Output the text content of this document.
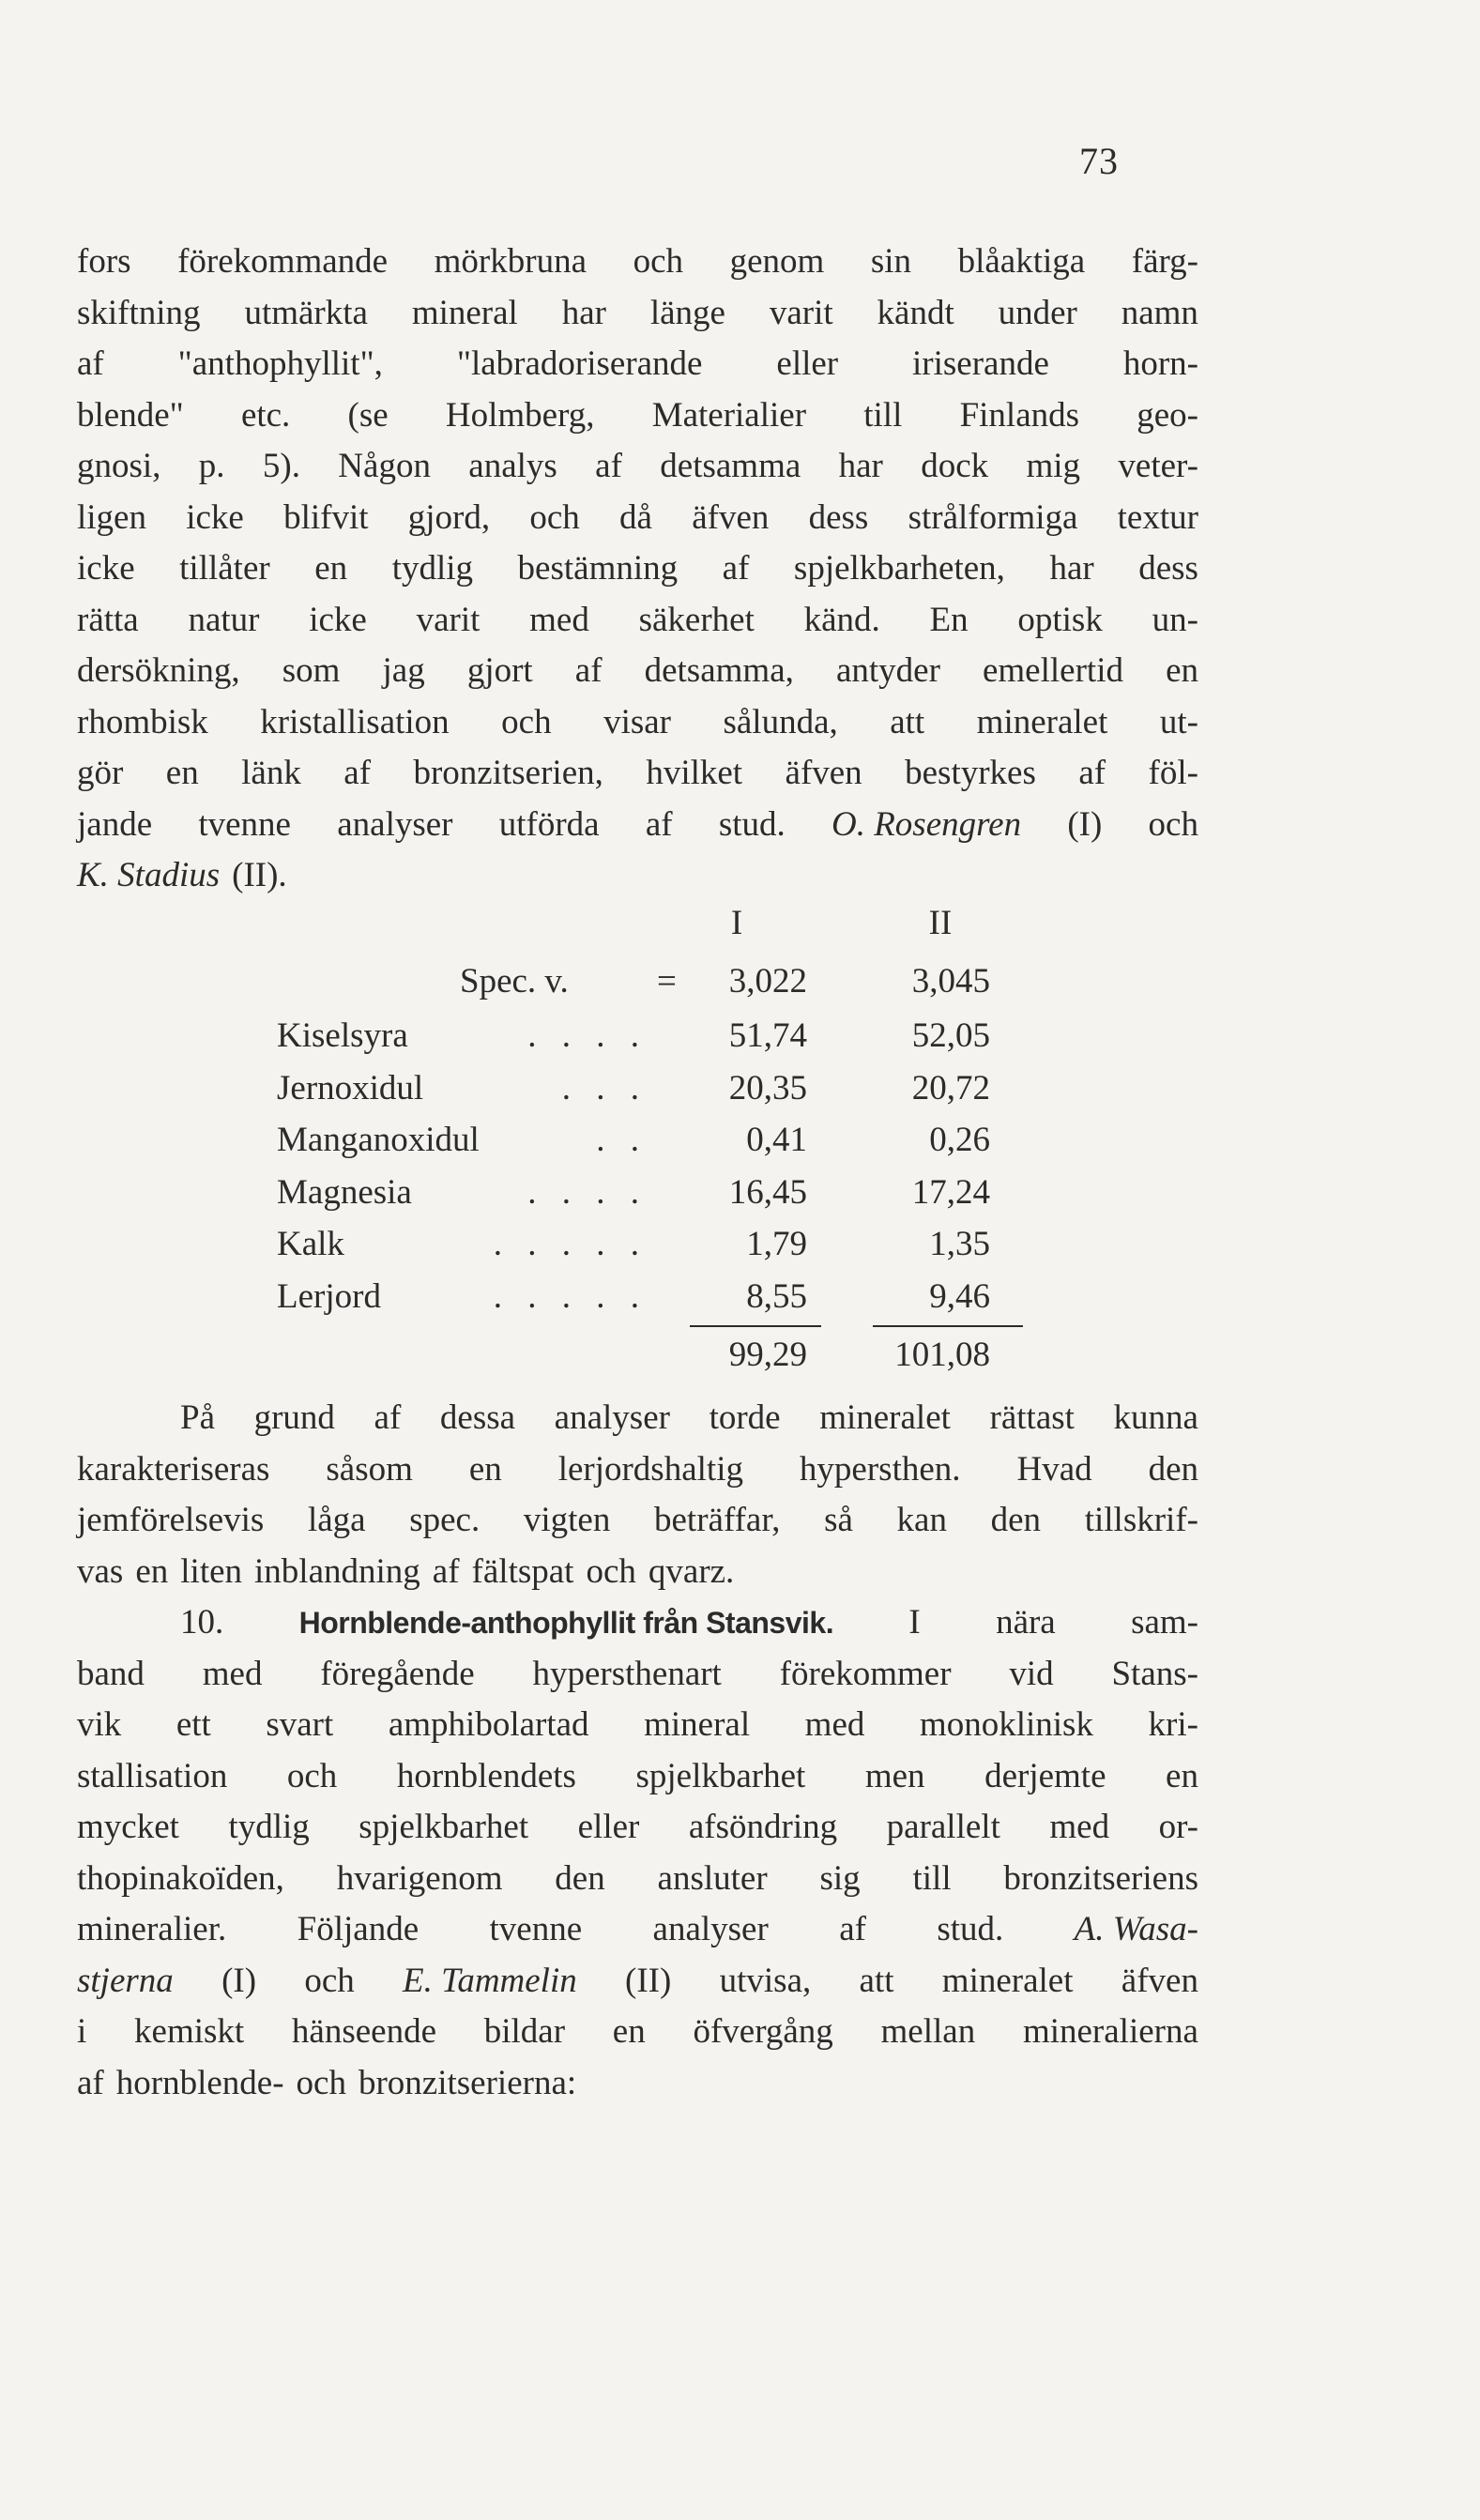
73
fors förekommande mörkbruna och genom sin blåaktiga färg-
skiftning utmärkta mineral har länge varit kändt under namn
af "anthophyllit", "labradoriserande eller iriserande horn-
blende" etc. (se Holmberg, Materialier till Finlands geo-
gnosi, p. 5). Någon analys af detsamma har dock mig veter-
ligen icke blifvit gjord, och då äfven dess strålformiga textur
icke tillåter en tydlig bestämning af spjelkbarheten, har dess
rätta natur icke varit med säkerhet känd. En optisk un-
dersökning, som jag gjort af detsamma, antyder emellertid en
rhombisk kristallisation och visar sålunda, att mineralet ut-
gör en länk af bronzitserien, hvilket äfven bestyrkes af föl-
jande tvenne analyser utförda af stud. O. Rosengren (I) och
K. Stadius (II).
I	II
Spec. v.	=	3,022	3,045
Kiselsyra	. . . .	51,74	52,05
Jernoxidul	. . .	20,35	20,72
Manganoxidul	. .	0,41	0,26
Magnesia	. . . .	16,45	17,24
Kalk	. . . . .	1,79	1,35
Lerjord	. . . . .	8,55	9,46
99,29	101,08
På grund af dessa analyser torde mineralet rättast kunna
karakteriseras såsom en lerjordshaltig hypersthen. Hvad den
jemförelsevis låga spec. vigten beträffar, så kan den tillskrif-
vas en liten inblandning af fältspat och qvarz.
10.	Hornblende-anthophyllit från Stansvik. I nära sam-
band med föregående hypersthenart förekommer vid Stans-
vik ett svart amphibolartad mineral med monoklinisk kri-
stallisation och hornblendets spjelkbarhet men derjemte en
mycket tydlig spjelkbarhet eller afsöndring parallelt med or-
thopinakoïden, hvarigenom den ansluter sig till bronzitseriens
mineralier. Följande tvenne analyser af stud. A. Wasa-
stjerna (I) och E. Tammelin (II) utvisa, att mineralet äfven
i kemiskt hänseende bildar en öfvergång mellan mineralierna
af hornblende- och bronzitserierna:
